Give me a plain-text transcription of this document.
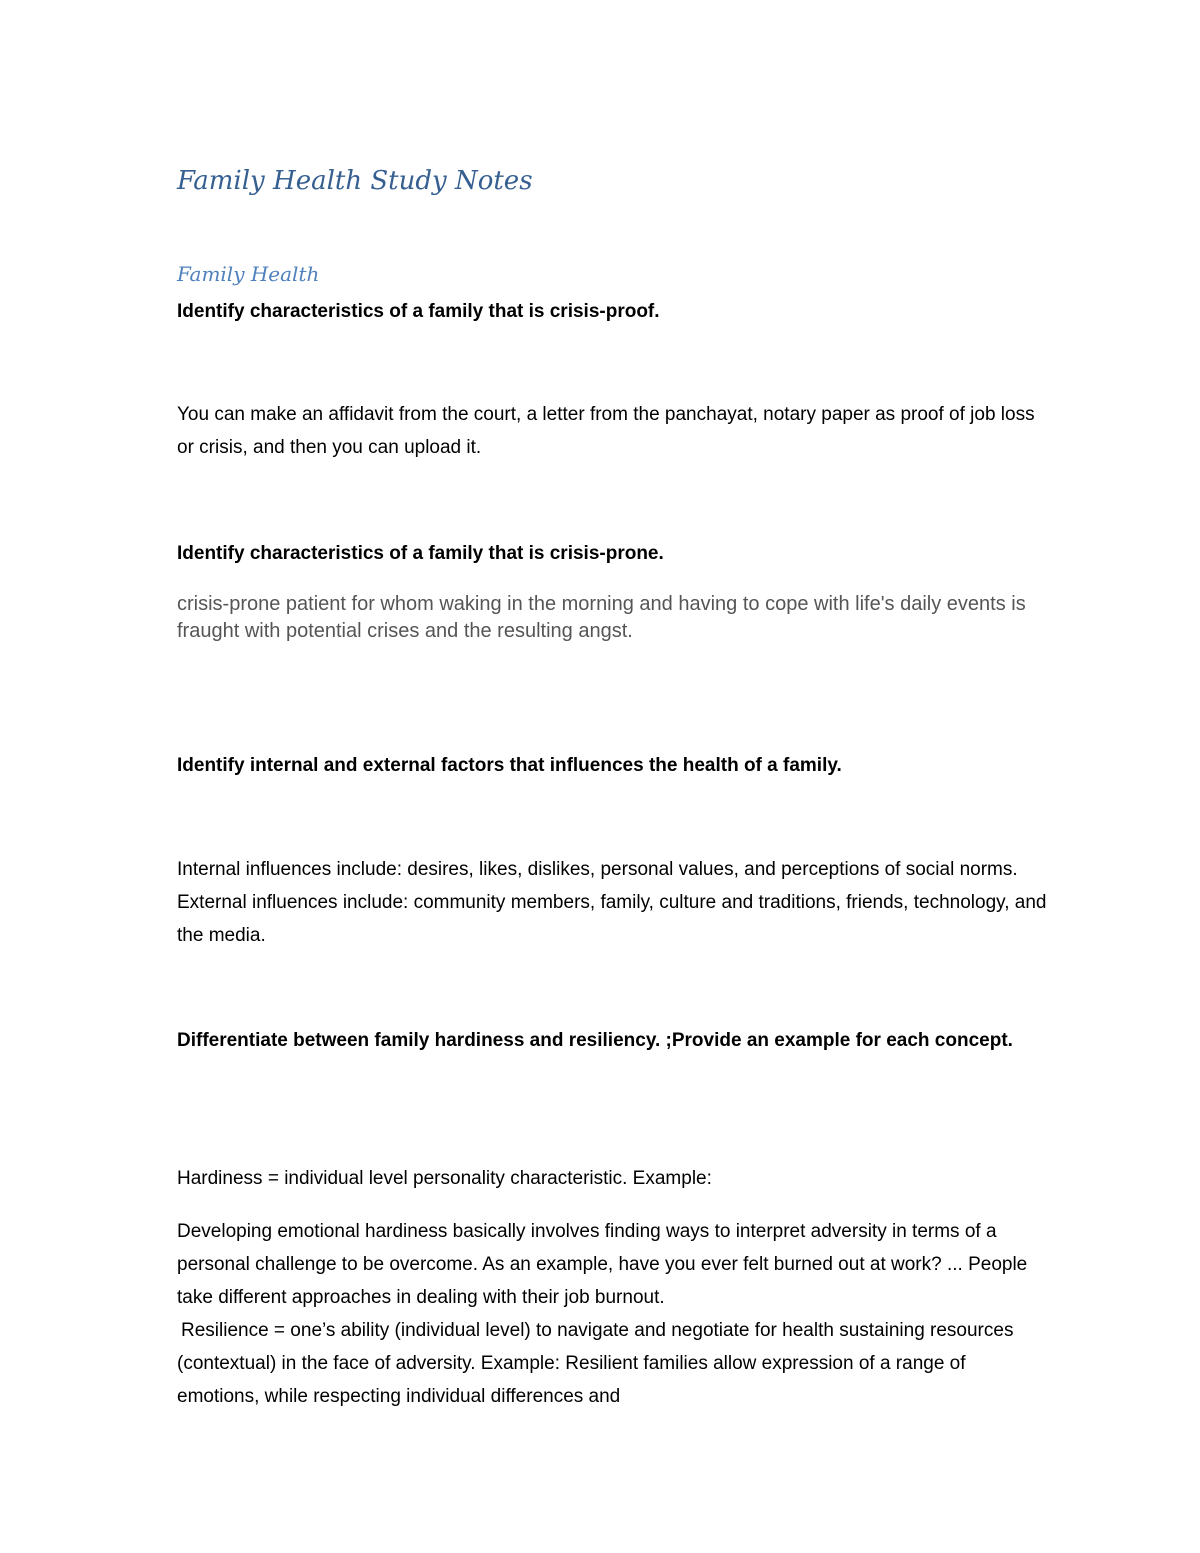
Family Health Study Notes
Family Health

Identify characteristics of a family that is crisis-proof.

You can make an affidavit from the court, a letter from the panchayat, notary paper as proof of job loss or crisis, and then you can upload it.

Identify characteristics of a family that is crisis-prone.

crisis-prone patient for whom waking in the morning and having to cope with life's daily events is fraught with potential crises and the resulting angst.

Identify internal and external factors that influences the health of a family.

Internal influences include: desires, likes, dislikes, personal values, and perceptions of social norms. External influences include: community members, family, culture and traditions, friends, technology, and the media.

Differentiate between family hardiness and resiliency. ;Provide an example for each concept.

Hardiness = individual level personality characteristic. Example:

Developing emotional hardiness basically involves finding ways to interpret adversity in terms of a personal challenge to be overcome. As an example, have you ever felt burned out at work? ... People take different approaches in dealing with their job burnout.

Resilience = one’s ability (individual level) to navigate and negotiate for health sustaining resources (contextual) in the face of adversity. Example: Resilient families allow expression of a range of emotions, while respecting individual differences and
